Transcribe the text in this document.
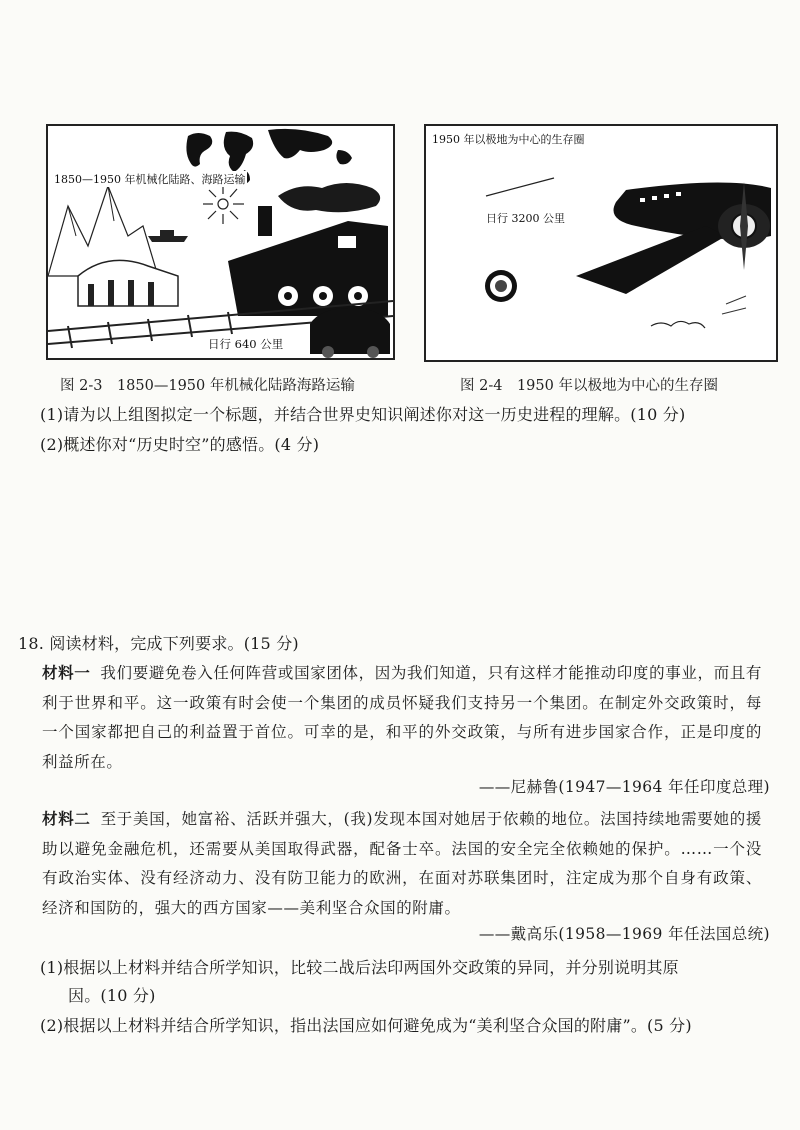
1850—1950 年机械化陆路、海路运输
日行 640 公里
1950 年以极地为中心的生存圈
日行 3200 公里
图 2-3　1850—1950 年机械化陆路海路运输	图 2-4　1950 年以极地为中心的生存圈
(1)请为以上组图拟定一个标题，并结合世界史知识阐述你对这一历史进程的理解。(10 分)
(2)概述你对“历史时空”的感悟。(4 分)
18. 阅读材料，完成下列要求。(15 分)
材料一 我们要避免卷入任何阵营或国家团体，因为我们知道，只有这样才能推动印度的事业，而且有利于世界和平。这一政策有时会使一个集团的成员怀疑我们支持另一个集团。在制定外交政策时，每一个国家都把自己的利益置于首位。可幸的是，和平的外交政策，与所有进步国家合作，正是印度的利益所在。
——尼赫鲁(1947—1964 年任印度总理)
材料二 至于美国，她富裕、活跃并强大，(我)发现本国对她居于依赖的地位。法国持续地需要她的援助以避免金融危机，还需要从美国取得武器，配备士卒。法国的安全完全依赖她的保护。……一个没有政治实体、没有经济动力、没有防卫能力的欧洲，在面对苏联集团时，注定成为那个自身有政策、经济和国防的，强大的西方国家——美利坚合众国的附庸。
——戴高乐(1958—1969 年任法国总统)
(1)根据以上材料并结合所学知识，比较二战后法印两国外交政策的异同，并分别说明其原
因。(10 分)
(2)根据以上材料并结合所学知识，指出法国应如何避免成为“美利坚合众国的附庸”。(5 分)
